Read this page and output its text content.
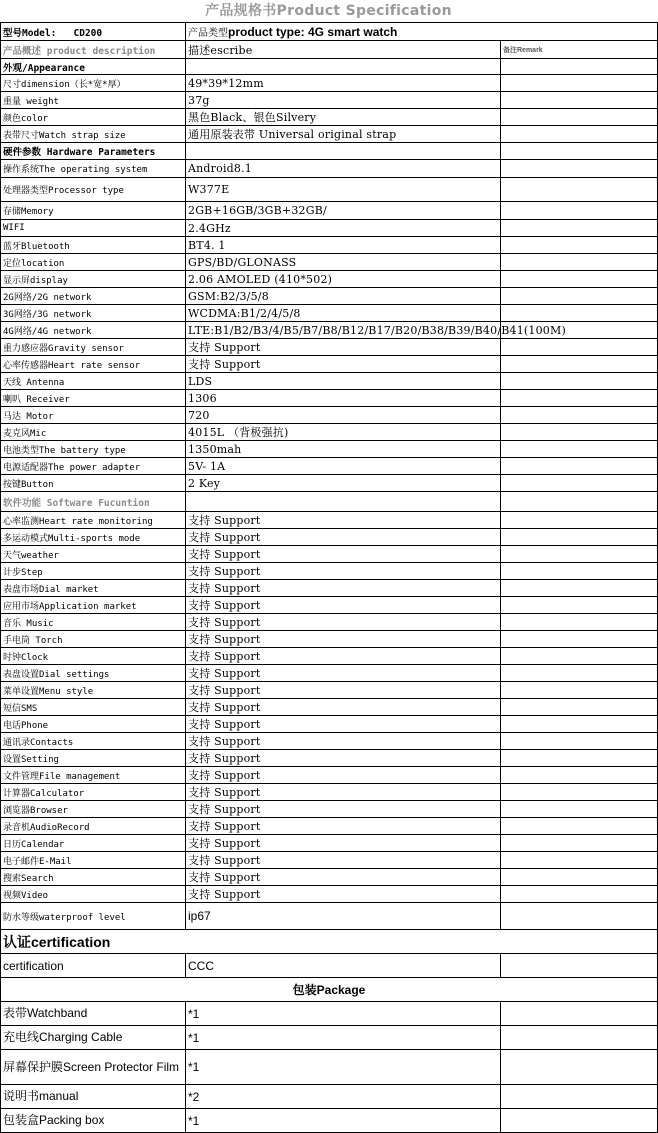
产品规格书Product Specification
型号Model: CD200	产品类型product type: 4G smart watch	
产品概述 product description	描述escribe	备注Remark
外观/Appearance		
尺寸dimension（长*宽*厚）	49*39*12mm	
重量 weight	37g	
颜色color	黑色Black、银色Silvery	
表带尺寸Watch strap size	通用原装表带 Universal original strap	
硬件参数 Hardware Parameters		
操作系统The operating system	Android8.1	
处理器类型Processor type	W377E	
存储Memory	2GB+16GB/3GB+32GB/	
WIFI	2.4GHz	
蓝牙Bluetooth	BT4. 1	
定位location	GPS/BD/GLONASS	
显示屏display	2.06 AMOLED (410*502)	
2G网络/2G network	GSM:B2/3/5/8	
3G网络/3G network	WCDMA:B1/2/4/5/8	
4G网络/4G network	LTE:B1/B2/B3/4/B5/B7/B8/B12/B17/B20/B38/B39/B40/B41(100M)	
重力感应器Gravity sensor	支持 Support	
心率传感器Heart rate sensor	支持 Support	
天线 Antenna	LDS	
喇叭 Receiver	1306	
马达 Motor	720	
麦克风Mic	4015L （背极强抗)	
电池类型The battery type	1350mah	
电源适配器The power adapter	5V- 1A	
按键Button	2 Key	
软件功能 Software Fucuntion		
心率监测Heart rate monitoring	支持 Support	
多运动模式Multi-sports mode	支持 Support	
天气weather	支持 Support	
计步Step	支持 Support	
表盘市场Dial market	支持 Support	
应用市场Application market	支持 Support	
音乐 Music	支持 Support	
手电筒 Torch	支持 Support	
时钟Clock	支持 Support	
表盘设置Dial settings	支持 Support	
菜单设置Menu style	支持 Support	
短信SMS	支持 Support	
电话Phone	支持 Support	
通讯录Contacts	支持 Support	
设置Setting	支持 Support	
文件管理File management	支持 Support	
计算器Calculator	支持 Support	
浏览器Browser	支持 Support	
录音机AudioRecord	支持 Support	
日历Calendar	支持 Support	
电子邮件E-Mail	支持 Support	
搜索Search	支持 Support	
视频Video	支持 Support	
防水等级waterproof level	ip67	
认证certification		
certification	CCC	
包装Package		
表带Watchband	*1	
充电线Charging Cable	*1	
屏幕保护膜Screen Protector Film	*1	
说明书manual	*2	
包装盒Packing box	*1	
